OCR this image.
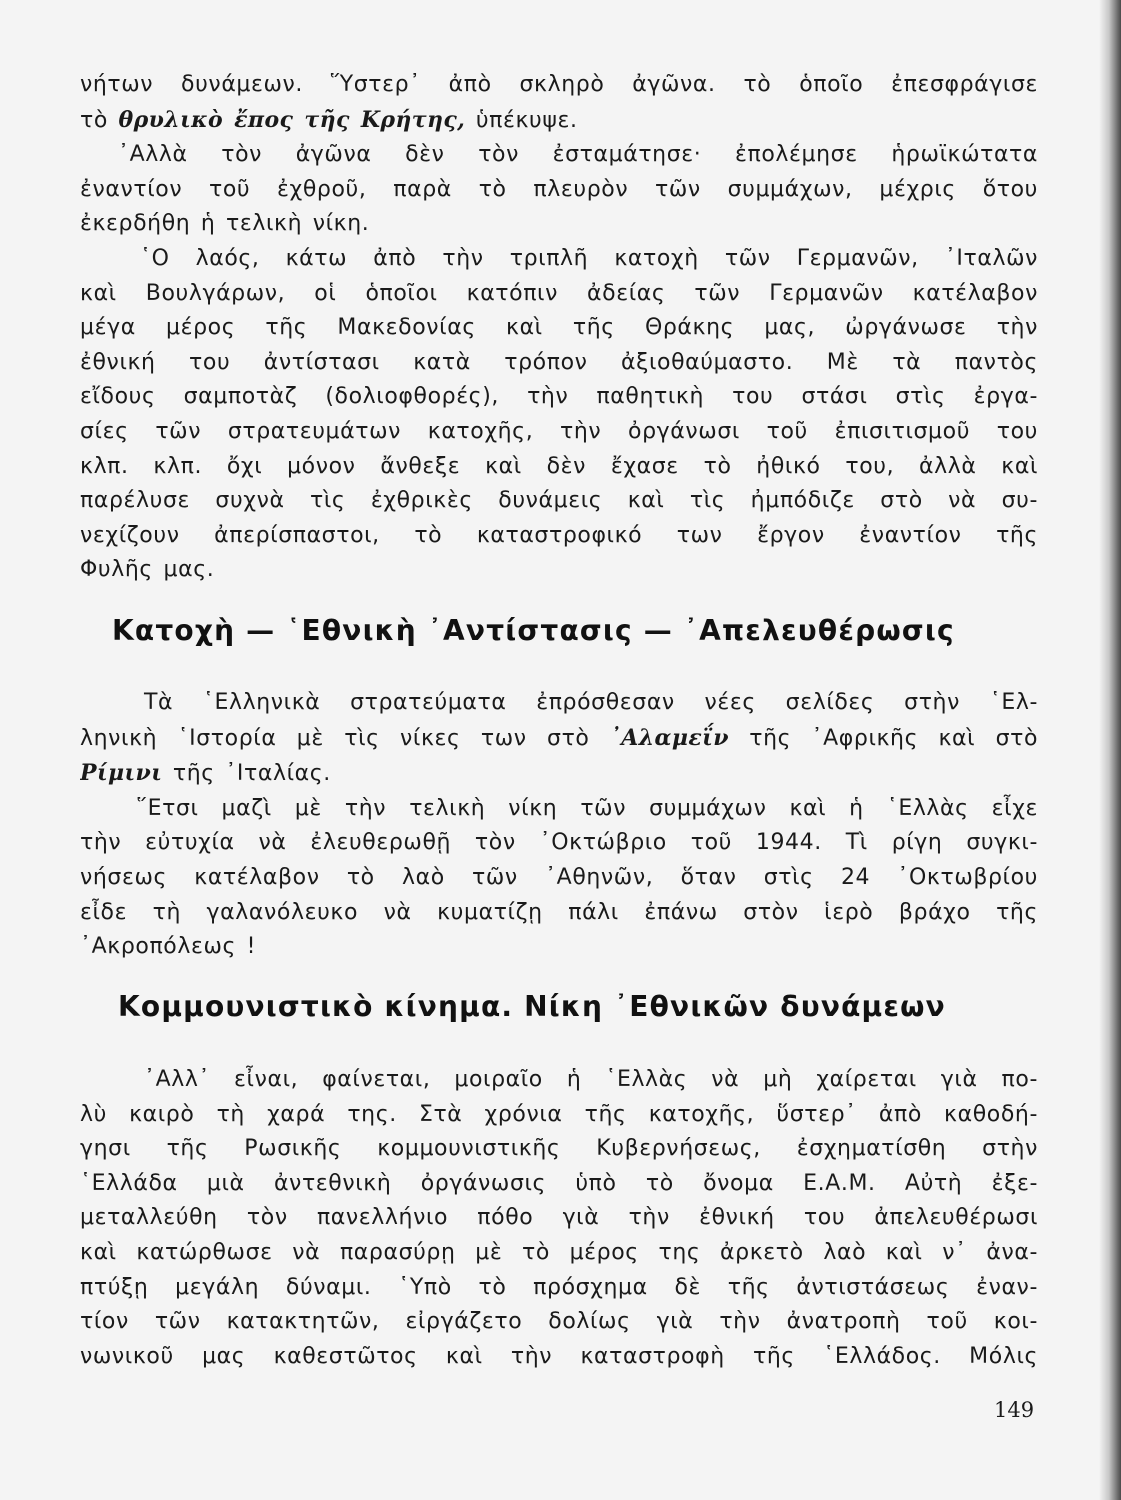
νήτων δυνάμεων. Ὕστερ᾽ ἀπὸ σκληρὸ ἀγῶνα. τὸ ὁποῖο ἐπεσφράγισε
τὸ θρυλικὸ ἔπος τῆς Κρήτης, ὑπέκυψε.
᾽Αλλὰ τὸν ἀγῶνα δὲν τὸν ἐσταμάτησε· ἐπολέμησε ἡρωϊκώτατα
ἐναντίον τοῦ ἐχθροῦ, παρὰ τὸ πλευρὸν τῶν συμμάχων, μέχρις ὅτου
ἐκερδήθη ἡ τελικὴ νίκη.
῾Ο λαός, κάτω ἀπὸ τὴν τριπλῆ κατοχὴ τῶν Γερμανῶν, ᾽Ιταλῶν
καὶ Βουλγάρων, οἱ ὁποῖοι κατόπιν ἀδείας τῶν Γερμανῶν κατέλαβον
μέγα μέρος τῆς Μακεδονίας καὶ τῆς Θράκης μας, ὠργάνωσε τὴν
ἐθνική του ἀντίστασι κατὰ τρόπον ἀξιοθαύμαστο. Μὲ τὰ παντὸς
εἴδους σαμποτὰζ (δολιοφθορές), τὴν παθητικὴ του στάσι στὶς ἐργα-
σίες τῶν στρατευμάτων κατοχῆς, τὴν ὀργάνωσι τοῦ ἐπισιτισμοῦ του
κλπ. κλπ. ὄχι μόνον ἄνθεξε καὶ δὲν ἔχασε τὸ ἠθικό του, ἀλλὰ καὶ
παρέλυσε συχνὰ τὶς ἐχθρικὲς δυνάμεις καὶ τὶς ἠμπόδιζε στὸ νὰ συ-
νεχίζουν ἀπερίσπαστοι, τὸ καταστροφικό των ἔργον ἐναντίον τῆς
Φυλῆς μας.
Κατοχὴ — ῾Εθνικὴ ᾽Αντίστασις — ᾽Απελευθέρωσις
Τὰ ῾Ελληνικὰ στρατεύματα ἐπρόσθεσαν νέες σελίδες στὴν ῾Ελ-
ληνικὴ ῾Ιστορία μὲ τὶς νίκες των στὸ ᾽Αλαμεΐν τῆς ᾽Αφρικῆς καὶ στὸ
Ρίμινι τῆς ᾽Ιταλίας.
῞Ετσι μαζὶ μὲ τὴν τελικὴ νίκη τῶν συμμάχων καὶ ἡ ῾Ελλὰς εἶχε
τὴν εὐτυχία νὰ ἐλευθερωθῇ τὸν ᾽Οκτώβριο τοῦ 1944. Τὶ ρίγη συγκι-
νήσεως κατέλαβον τὸ λαὸ τῶν ᾽Αθηνῶν, ὅταν στὶς 24 ᾽Οκτωβρίου
εἶδε τὴ γαλανόλευκο νὰ κυματίζῃ πάλι ἐπάνω στὸν ἱερὸ βράχο τῆς
᾽Ακροπόλεως !
Κομμουνιστικὸ κίνημα. Νίκη ᾽Εθνικῶν δυνάμεων
᾽Αλλ᾽ εἶναι, φαίνεται, μοιραῖο ἡ ῾Ελλὰς νὰ μὴ χαίρεται γιὰ πο-
λὺ καιρὸ τὴ χαρά της. Στὰ χρόνια τῆς κατοχῆς, ὕστερ᾽ ἀπὸ καθοδή-
γησι τῆς Ρωσικῆς κομμουνιστικῆς Κυβερνήσεως, ἐσχηματίσθη στὴν
῾Ελλάδα μιὰ ἀντεθνικὴ ὀργάνωσις ὑπὸ τὸ ὄνομα Ε.Α.Μ. Αὐτὴ ἐξε-
μεταλλεύθη τὸν πανελλήνιο πόθο γιὰ τὴν ἐθνική του ἀπελευθέρωσι
καὶ κατώρθωσε νὰ παρασύρῃ μὲ τὸ μέρος της ἀρκετὸ λαὸ καὶ ν᾽ ἀνα-
πτύξῃ μεγάλη δύναμι. ῾Υπὸ τὸ πρόσχημα δὲ τῆς ἀντιστάσεως ἐναν-
τίον τῶν κατακτητῶν, εἰργάζετο δολίως γιὰ τὴν ἀνατροπὴ τοῦ κοι-
νωνικοῦ μας καθεστῶτος καὶ τὴν καταστροφὴ τῆς ῾Ελλάδος. Μόλις
149
